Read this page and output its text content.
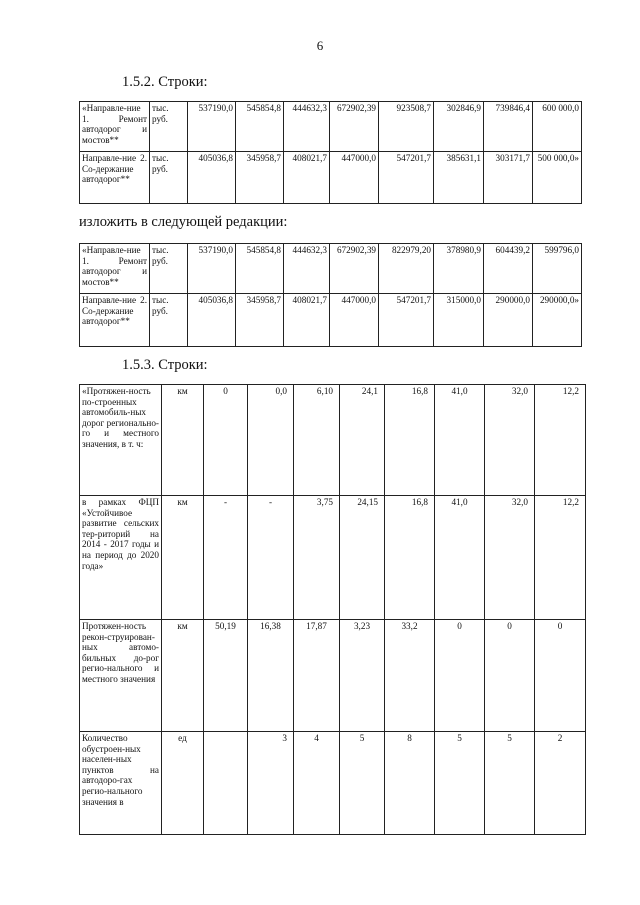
6
1.5.2. Строки:
«Направле-ние 1. Ремонт автодорог и мостов**	тыс. руб.	537190,0	545854,8	444632,3	672902,39	923508,7	302846,9	739846,4	600 000,0
Направле-ние 2. Со-держание автодорог**	тыс. руб.	405036,8	345958,7	408021,7	447000,0	547201,7	385631,1	303171,7	500 000,0»
изложить в следующей редакции:
«Направле-ние 1. Ремонт автодорог и мостов**	тыс. руб.	537190,0	545854,8	444632,3	672902,39	822979,20	378980,9	604439,2	599796,0
Направле-ние 2. Со-держание автодорог**	тыс. руб.	405036,8	345958,7	408021,7	447000,0	547201,7	315000,0	290000,0	290000,0»
1.5.3. Строки:
«Протяжен-ность по-строенных автомобиль-ных дорог регионально-го и местного значения, в т. ч:	км	0	0,0	6,10	24,1	16,8	41,0	32,0	12,2
в рамках ФЦП «Устойчивое развитие сельских тер-риторий на 2014 - 2017 годы и на период до 2020 года»	км	-	-	3,75	24,15	16,8	41,0	32,0	12,2
Протяжен-ность рекон-струирован-ных автомо-бильных до-рог регио-нального и местного значения	км	50,19	16,38	17,87	3,23	33,2	0	0	0
Количество обустроен-ных населен-ных пунктов на автодоро-гах регио-нального значения в	ед		3	4	5	8	5	5	2
